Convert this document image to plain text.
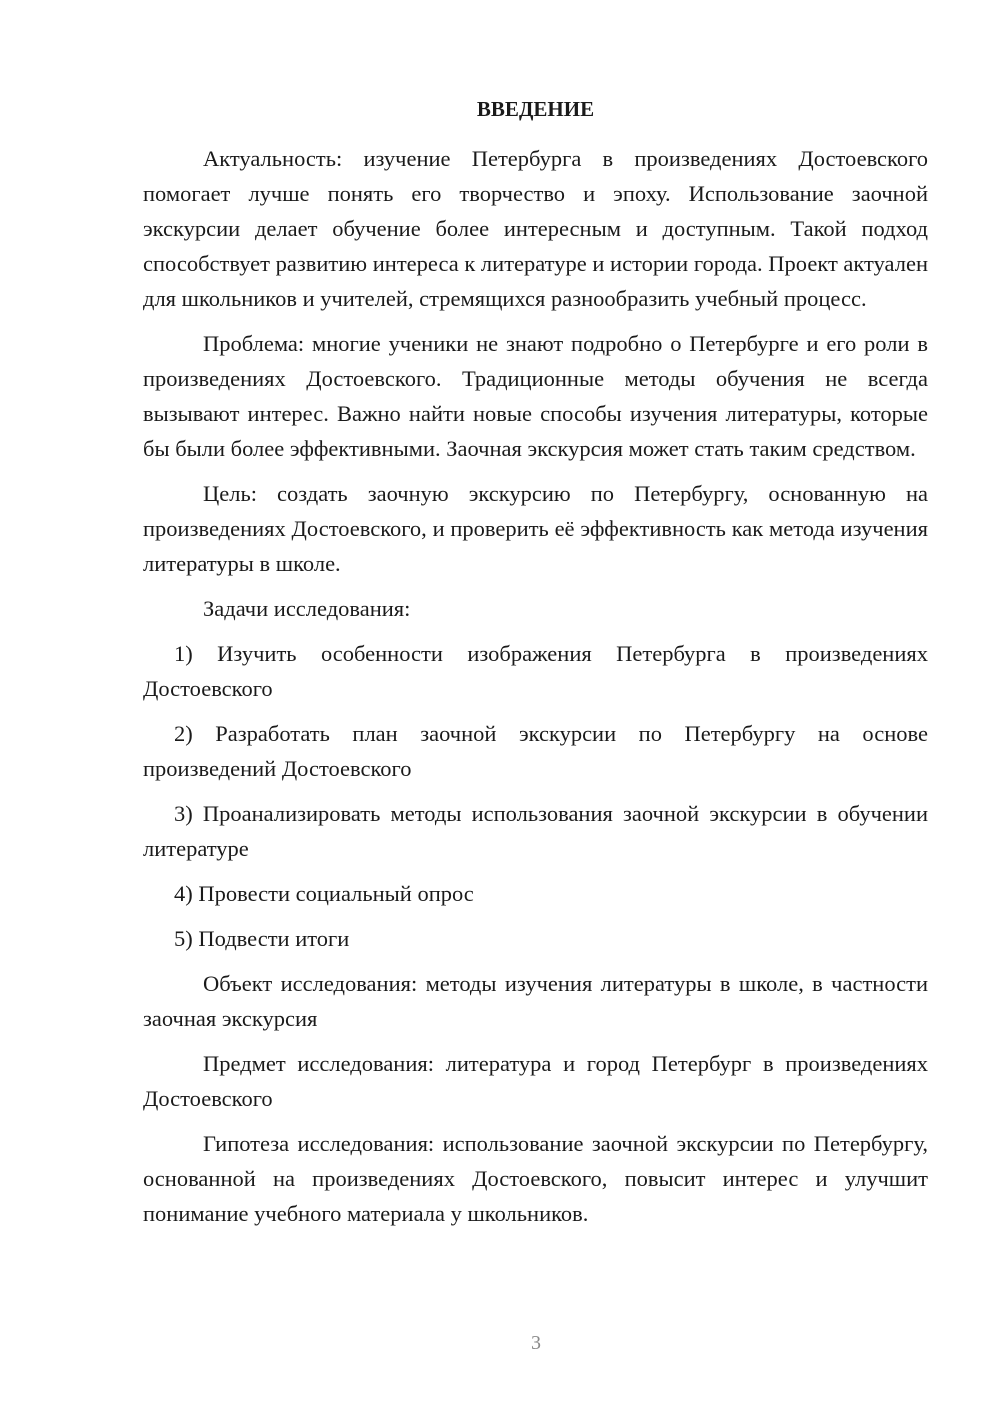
ВВЕДЕНИЕ

Актуальность: изучение Петербурга в произведениях Достоевского помогает лучше понять его творчество и эпоху. Использование заочной экскурсии делает обучение более интересным и доступным. Такой подход способствует развитию интереса к литературе и истории города. Проект актуален для школьников и учителей, стремящихся разнообразить учебный процесс.

Проблема: многие ученики не знают подробно о Петербурге и его роли в произведениях Достоевского. Традиционные методы обучения не всегда вызывают интерес. Важно найти новые способы изучения литературы, которые бы были более эффективными. Заочная экскурсия может стать таким средством.

Цель: создать заочную экскурсию по Петербургу, основанную на произведениях Достоевского, и проверить её эффективность как метода изучения литературы в школе.

Задачи исследования:

1) Изучить особенности изображения Петербурга в произведениях Достоевского

2) Разработать план заочной экскурсии по Петербургу на основе произведений Достоевского

3) Проанализировать методы использования заочной экскурсии в обучении литературе

4) Провести социальный опрос

5) Подвести итоги

Объект исследования: методы изучения литературы в школе, в частности заочная экскурсия

Предмет исследования: литература и город Петербург в произведениях Достоевского

Гипотеза исследования: использование заочной экскурсии по Петербургу, основанной на произведениях Достоевского, повысит интерес и улучшит понимание учебного материала у школьников.

3
